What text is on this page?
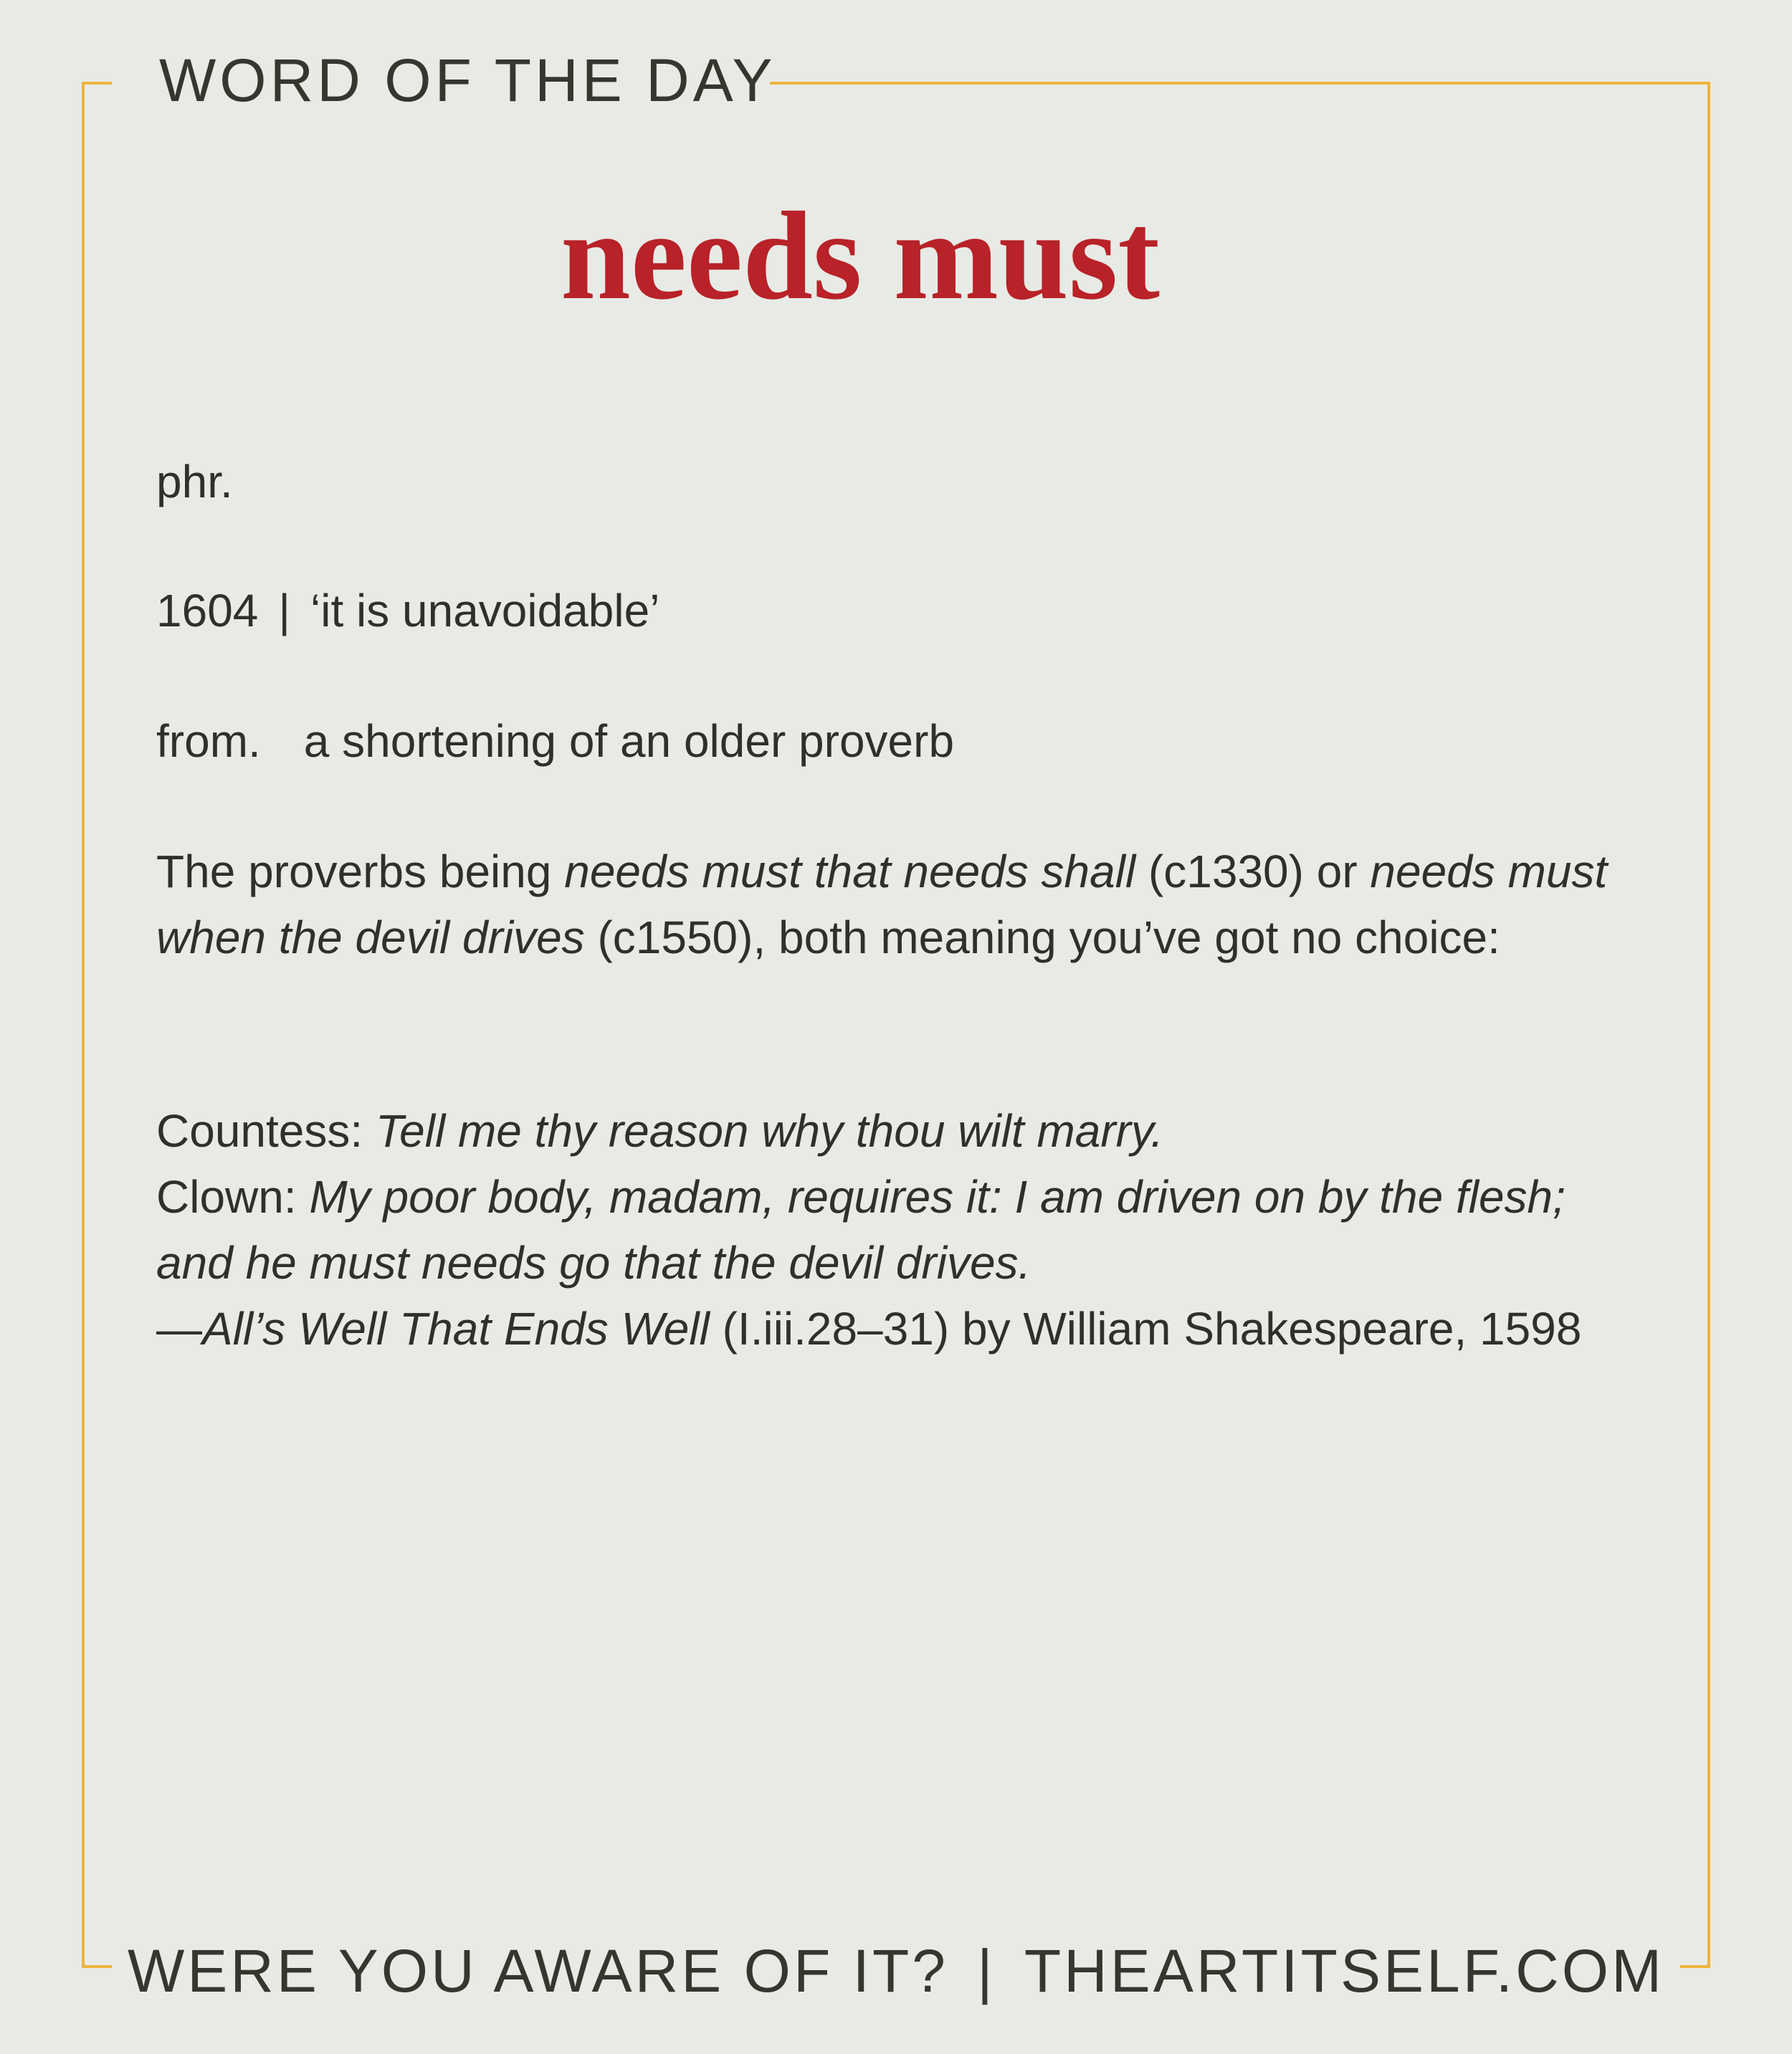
WORD OF THE DAY
needs must
phr.
1604 | ‘it is unavoidable’
from. a shortening of an older proverb
The proverbs being needs must that needs shall (c1330) or needs must when the devil drives (c1550), both meaning you’ve got no choice:
Countess: Tell me thy reason why thou wilt marry.
Clown: My poor body, madam, requires it: I am driven on by the flesh; and he must needs go that the devil drives.
—All’s Well That Ends Well (I.iii.28–31) by William Shakespeare, 1598
WERE YOU AWARE OF IT? | THEARTITSELF.COM
